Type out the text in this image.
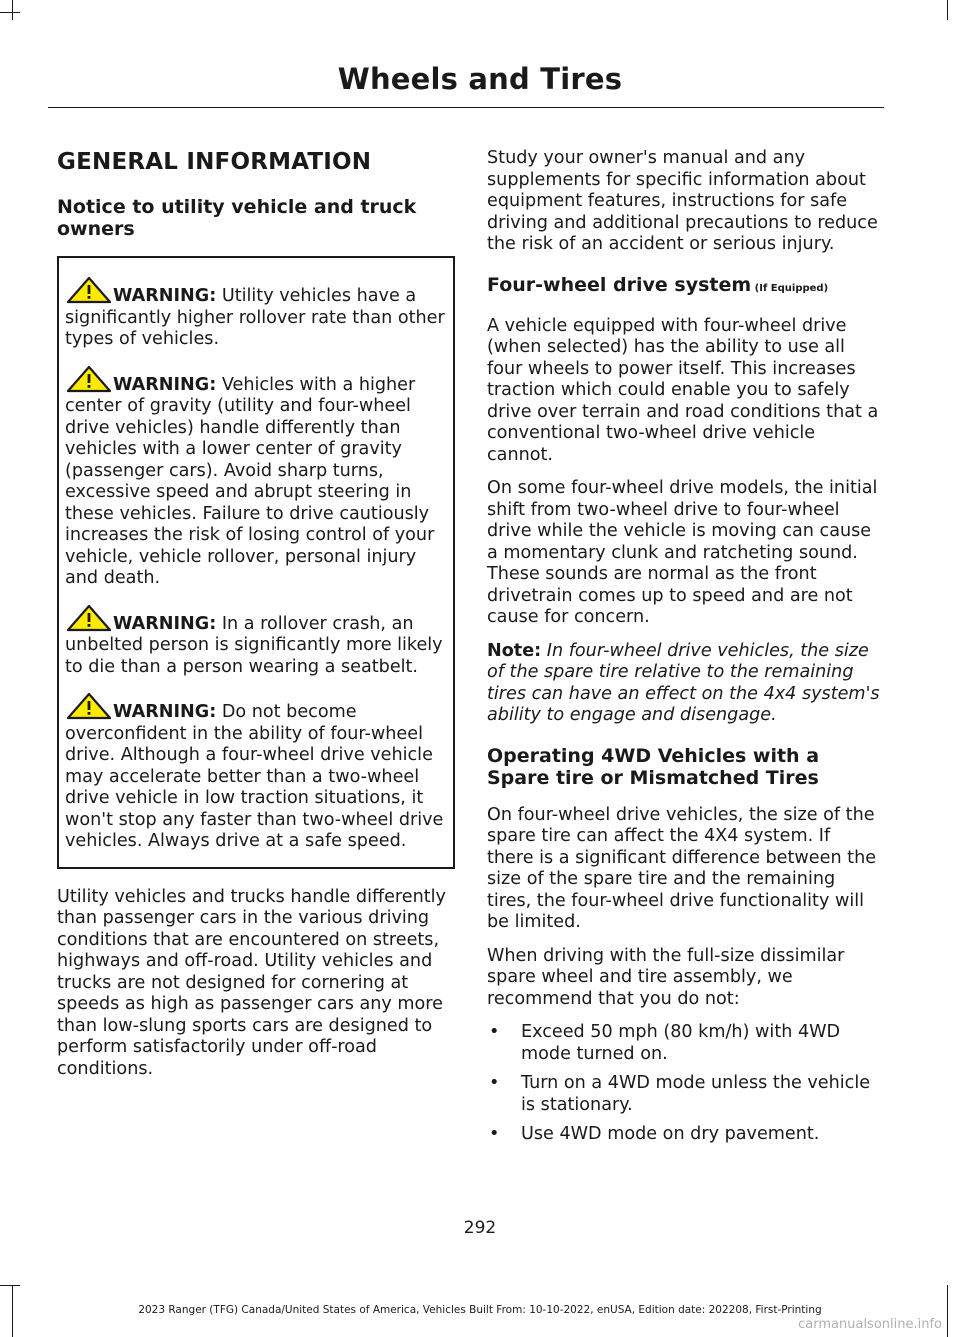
Wheels and Tires
GENERAL INFORMATION
Notice to utility vehicle and truck owners

WARNING: Utility vehicles have a significantly higher rollover rate than other types of vehicles.

WARNING: Vehicles with a higher center of gravity (utility and four-wheel drive vehicles) handle differently than vehicles with a lower center of gravity (passenger cars). Avoid sharp turns, excessive speed and abrupt steering in these vehicles. Failure to drive cautiously increases the risk of losing control of your vehicle, vehicle rollover, personal injury and death.

WARNING: In a rollover crash, an unbelted person is significantly more likely to die than a person wearing a seatbelt.

WARNING: Do not become overconfident in the ability of four-wheel drive. Although a four-wheel drive vehicle may accelerate better than a two-wheel drive vehicle in low traction situations, it won't stop any faster than two-wheel drive vehicles. Always drive at a safe speed.

Utility vehicles and trucks handle differently than passenger cars in the various driving conditions that are encountered on streets, highways and off-road. Utility vehicles and trucks are not designed for cornering at speeds as high as passenger cars any more than low-slung sports cars are designed to perform satisfactorily under off-road conditions.

Study your owner's manual and any supplements for specific information about equipment features, instructions for safe driving and additional precautions to reduce the risk of an accident or serious injury.

Four-wheel drive system (If Equipped)

A vehicle equipped with four-wheel drive (when selected) has the ability to use all four wheels to power itself. This increases traction which could enable you to safely drive over terrain and road conditions that a conventional two-wheel drive vehicle cannot.

On some four-wheel drive models, the initial shift from two-wheel drive to four-wheel drive while the vehicle is moving can cause a momentary clunk and ratcheting sound. These sounds are normal as the front drivetrain comes up to speed and are not cause for concern.

Note: In four-wheel drive vehicles, the size of the spare tire relative to the remaining tires can have an effect on the 4x4 system's ability to engage and disengage.

Operating 4WD Vehicles with a Spare tire or Mismatched Tires

On four-wheel drive vehicles, the size of the spare tire can affect the 4X4 system. If there is a significant difference between the size of the spare tire and the remaining tires, the four-wheel drive functionality will be limited.

When driving with the full-size dissimilar spare wheel and tire assembly, we recommend that you do not:

• Exceed 50 mph (80 km/h) with 4WD mode turned on.
• Turn on a 4WD mode unless the vehicle is stationary.
• Use 4WD mode on dry pavement.
292
2023 Ranger (TFG) Canada/United States of America, Vehicles Built From: 10-10-2022, enUSA, Edition date: 202208, First-Printing
carmanualsonline.info
